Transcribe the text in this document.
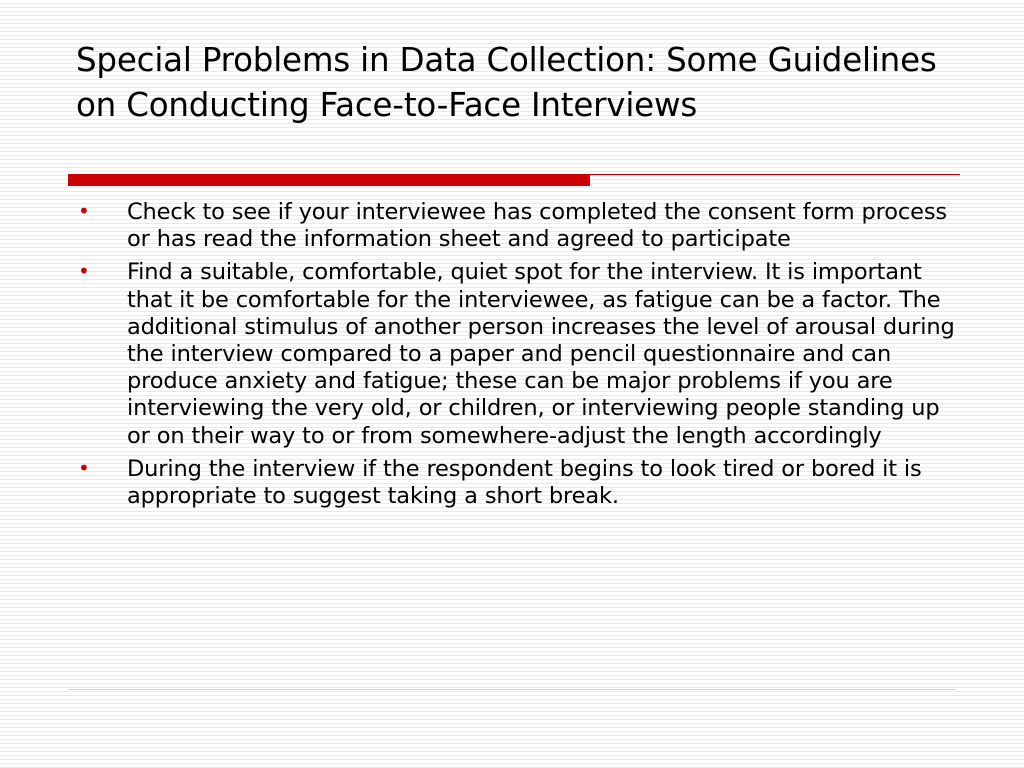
Special Problems in Data Collection: Some Guidelines on Conducting Face-to-Face Interviews
• Check to see if your interviewee has completed the consent form process or has read the information sheet and agreed to participate
• Find a suitable, comfortable, quiet spot for the interview. It is important that it be comfortable for the interviewee, as fatigue can be a factor. The additional stimulus of another person increases the level of arousal during the interview compared to a paper and pencil questionnaire and can produce anxiety and fatigue; these can be major problems if you are interviewing the very old, or children, or interviewing people standing up or on their way to or from somewhere-adjust the length accordingly
• During the interview if the respondent begins to look tired or bored it is appropriate to suggest taking a short break.
